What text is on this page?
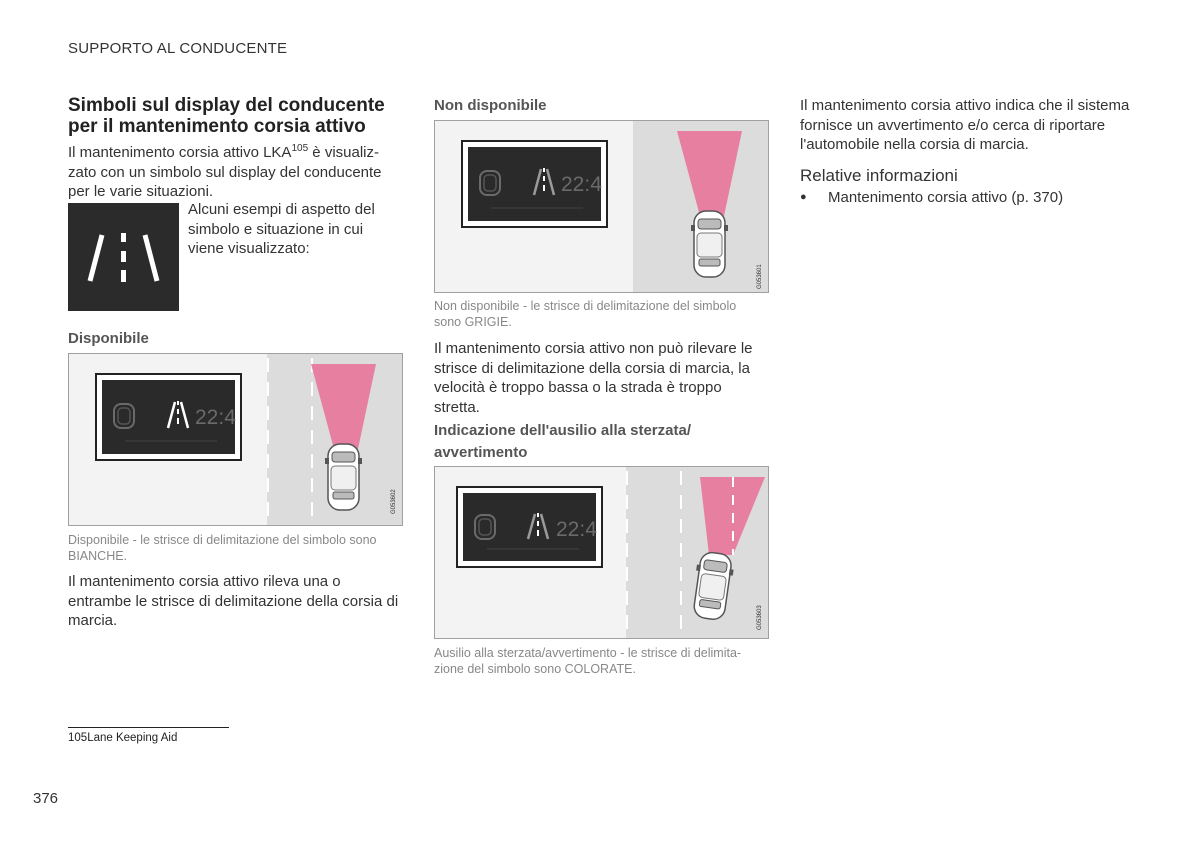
SUPPORTO AL CONDUCENTE

Simboli sul display del conducente
per il mantenimento corsia attivo

Il mantenimento corsia attivo LKA$^{105}$ è visualiz-
zato con un simbolo sul display del conducente
per le varie situazioni.

Alcuni esempi di aspetto del
simbolo e situazione in cui
viene visualizzato:

Disponibile

22:4
G053602

Disponibile - le strisce di delimitazione del simbolo sono
BIANCHE.

Il mantenimento corsia attivo rileva una o
entrambe le strisce di delimitazione della corsia di
marcia.

Non disponibile

22:4
G053601

Non disponibile - le strisce di delimitazione del simbolo
sono GRIGIE.

Il mantenimento corsia attivo non può rilevare le
strisce di delimitazione della corsia di marcia, la
velocità è troppo bassa o la strada è troppo
stretta.

Indicazione dell'ausilio alla sterzata/
avvertimento

22:4
G053603

Ausilio alla sterzata/avvertimento - le strisce di delimita-
zione del simbolo sono COLORATE.

Il mantenimento corsia attivo indica che il sistema
fornisce un avvertimento e/o cerca di riportare
l'automobile nella corsia di marcia.

Relative informazioni

● Mantenimento corsia attivo (p. 370)
105Lane Keeping Aid
376
